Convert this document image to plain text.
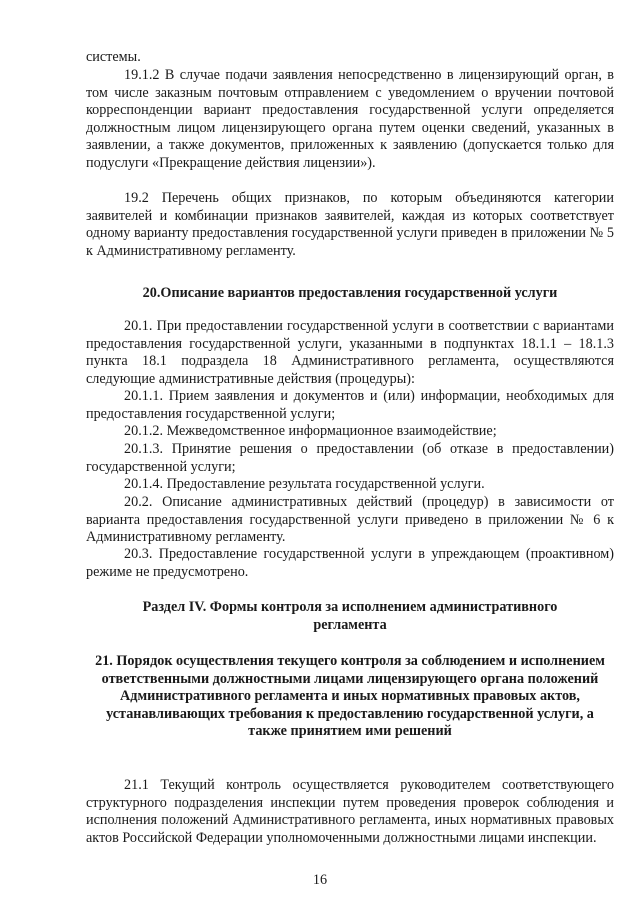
системы.

19.1.2 В случае подачи заявления непосредственно в лицензирующий орган, в том числе заказным почтовым отправлением с уведомлением о вручении почтовой корреспонденции вариант предоставления государственной услуги определяется должностным лицом лицензирующего органа путем оценки сведений, указанных в заявлении, а также документов, приложенных к заявлению (допускается только для подуслуги «Прекращение действия лицензии»).

19.2 Перечень общих признаков, по которым объединяются категории заявителей и комбинации признаков заявителей, каждая из которых соответствует одному варианту предоставления государственной услуги приведен в приложении № 5 к Административному регламенту.

20.Описание вариантов предоставления государственной услуги

20.1. При предоставлении государственной услуги в соответствии с вариантами предоставления государственной услуги, указанными в подпунктах 18.1.1 – 18.1.3 пункта 18.1 подраздела 18 Административного регламента, осуществляются следующие административные действия (процедуры):

20.1.1. Прием заявления и документов и (или) информации, необходимых для предоставления государственной услуги;

20.1.2. Межведомственное информационное взаимодействие;

20.1.3. Принятие решения о предоставлении (об отказе в предоставлении) государственной услуги;

20.1.4. Предоставление результата государственной услуги.

20.2. Описание административных действий (процедур) в зависимости от варианта предоставления государственной услуги приведено в приложении № 6 к Административному регламенту.

20.3. Предоставление государственной услуги в упреждающем (проактивном) режиме не предусмотрено.

Раздел IV. Формы контроля за исполнением административного регламента

21. Порядок осуществления текущего контроля за соблюдением и исполнением ответственными должностными лицами лицензирующего органа положений Административного регламента и иных нормативных правовых актов, устанавливающих требования к предоставлению государственной услуги, а также принятием ими решений

21.1 Текущий контроль осуществляется руководителем соответствующего структурного подразделения инспекции путем проведения проверок соблюдения и исполнения положений Административного регламента, иных нормативных правовых актов Российской Федерации уполномоченными должностными лицами инспекции.

16
